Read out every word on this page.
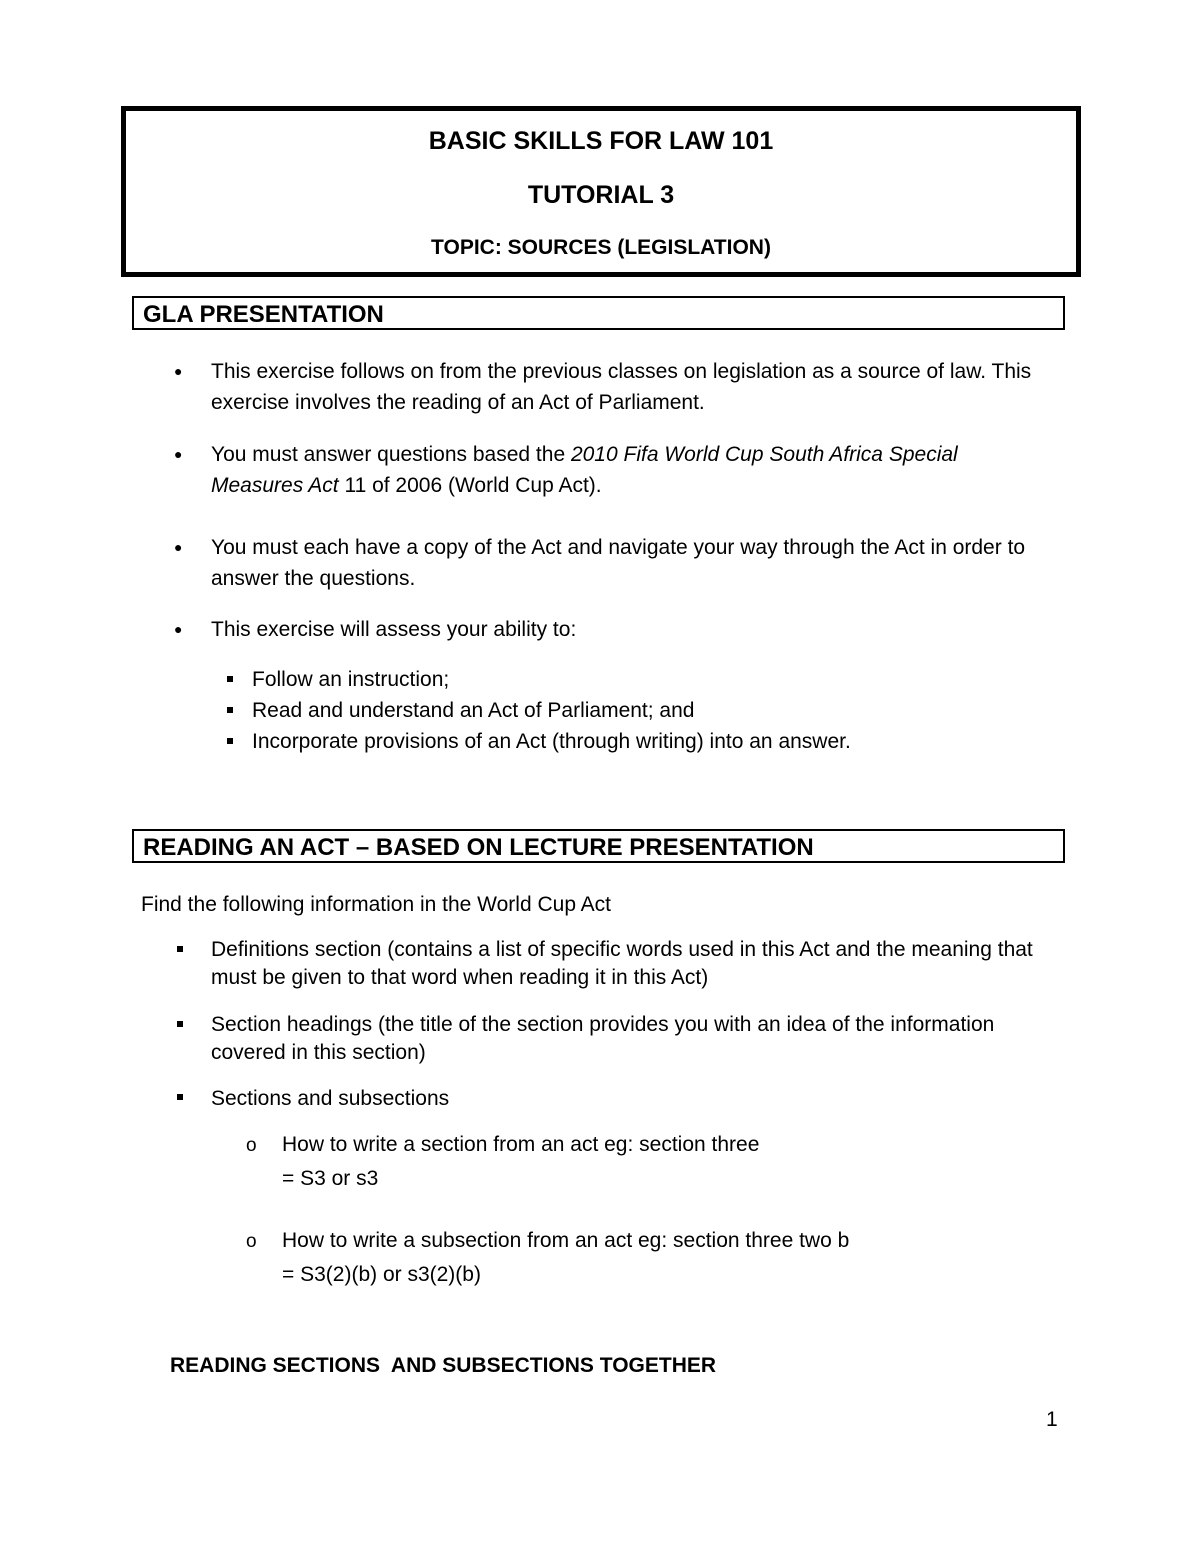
BASIC SKILLS FOR LAW 101
TUTORIAL 3
TOPIC: SOURCES (LEGISLATION)
GLA PRESENTATION
● This exercise follows on from the previous classes on legislation as a source of law. This exercise involves the reading of an Act of Parliament.
● You must answer questions based the 2010 Fifa World Cup South Africa Special Measures Act 11 of 2006 (World Cup Act).
● You must each have a copy of the Act and navigate your way through the Act in order to answer the questions.
● This exercise will assess your ability to:
Follow an instruction;
Read and understand an Act of Parliament; and
Incorporate provisions of an Act (through writing) into an answer.
READING AN ACT – BASED ON LECTURE PRESENTATION
Find the following information in the World Cup Act
Definitions section (contains a list of specific words used in this Act and the meaning that must be given to that word when reading it in this Act)
Section headings (the title of the section provides you with an idea of the information covered in this section)
Sections and subsections
o How to write a section from an act eg: section three
= S3 or s3
o How to write a subsection from an act eg: section three two b
= S3(2)(b) or s3(2)(b)
READING SECTIONS  AND SUBSECTIONS TOGETHER
1
